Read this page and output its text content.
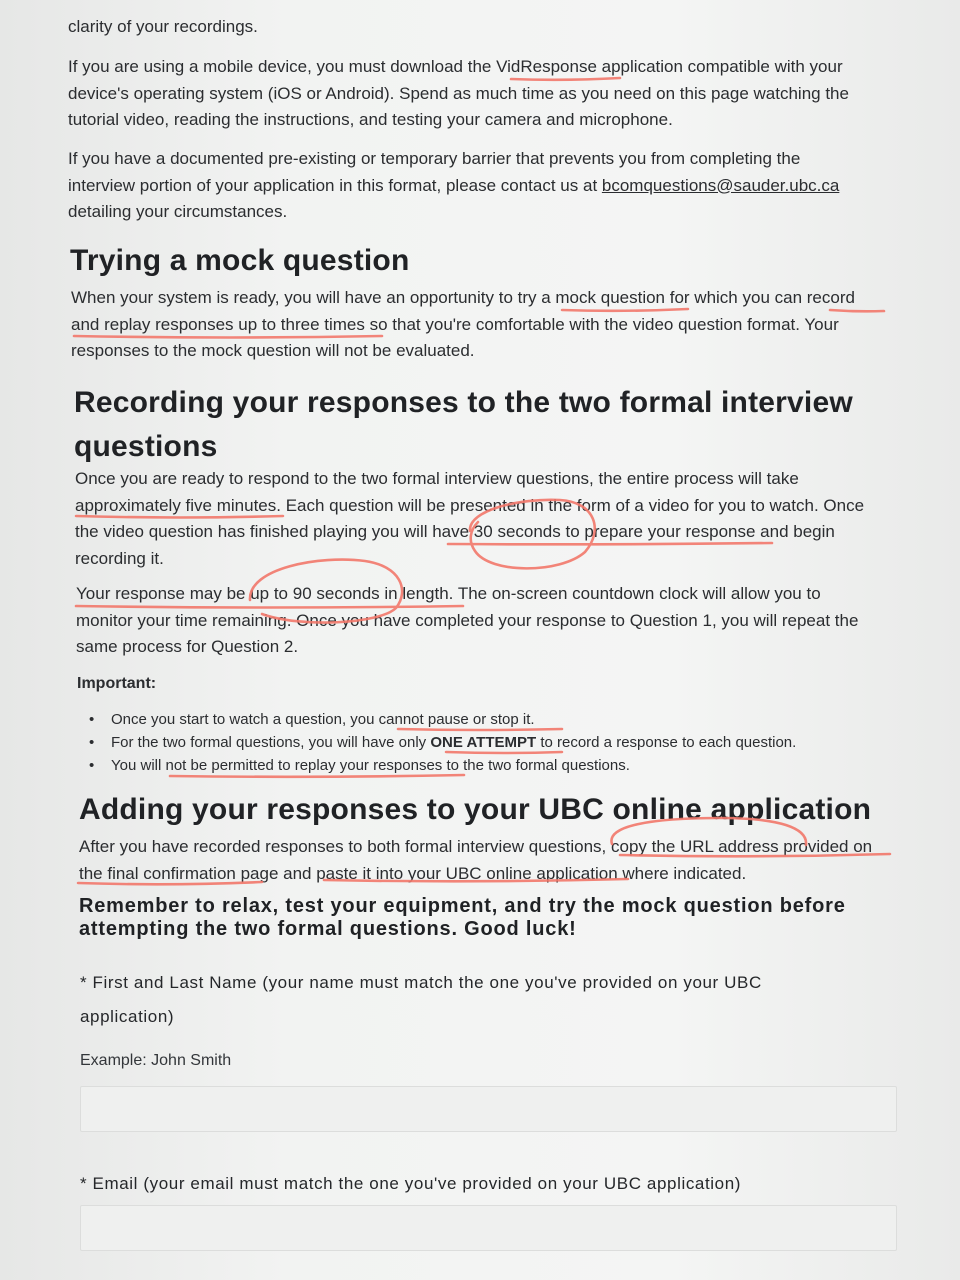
clarity of your recordings.
If you are using a mobile device, you must download the VidResponse application compatible with your
device's operating system (iOS or Android). Spend as much time as you need on this page watching the
tutorial video, reading the instructions, and testing your camera and microphone.
If you have a documented pre-existing or temporary barrier that prevents you from completing the
interview portion of your application in this format, please contact us at bcomquestions@sauder.ubc.ca
detailing your circumstances.
Trying a mock question
When your system is ready, you will have an opportunity to try a mock question for which you can record
and replay responses up to three times so that you're comfortable with the video question format. Your
responses to the mock question will not be evaluated.
Recording your responses to the two formal interview
questions
Once you are ready to respond to the two formal interview questions, the entire process will take
approximately five minutes. Each question will be presented in the form of a video for you to watch. Once
the video question has finished playing you will have 30 seconds to prepare your response and begin
recording it.
Your response may be up to 90 seconds in length. The on-screen countdown clock will allow you to
monitor your time remaining. Once you have completed your response to Question 1, you will repeat the
same process for Question 2.
Important:
• Once you start to watch a question, you cannot pause or stop it.
• For the two formal questions, you will have only ONE ATTEMPT to record a response to each question.
• You will not be permitted to replay your responses to the two formal questions.
Adding your responses to your UBC online application
After you have recorded responses to both formal interview questions, copy the URL address provided on
the final confirmation page and paste it into your UBC online application where indicated.
Remember to relax, test your equipment, and try the mock question before
attempting the two formal questions. Good luck!
* First and Last Name (your name must match the one you've provided on your UBC
application)
Example: John Smith
* Email (your email must match the one you've provided on your UBC application)
